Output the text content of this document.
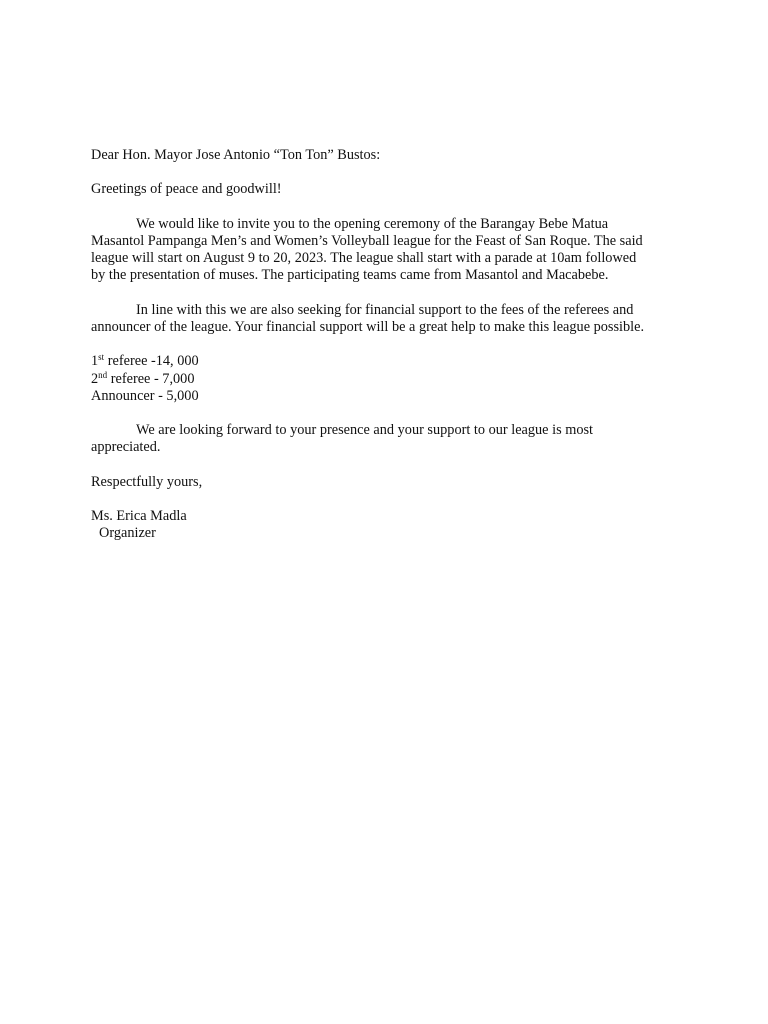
Dear Hon. Mayor Jose Antonio “Ton Ton” Bustos:

Greetings of peace and goodwill!

We would like to invite you to the opening ceremony of the Barangay Bebe Matua
Masantol Pampanga Men’s and Women’s Volleyball league for the Feast of San Roque. The said
league will start on August 9 to 20, 2023. The league shall start with a parade at 10am followed
by the presentation of muses. The participating teams came from Masantol and Macabebe.

In line with this we are also seeking for financial support to the fees of the referees and
announcer of the league. Your financial support will be a great help to make this league possible.

1st referee -14, 000
2nd referee - 7,000
Announcer - 5,000

We are looking forward to your presence and your support to our league is most
appreciated.

Respectfully yours,

Ms. Erica Madla
Organizer
